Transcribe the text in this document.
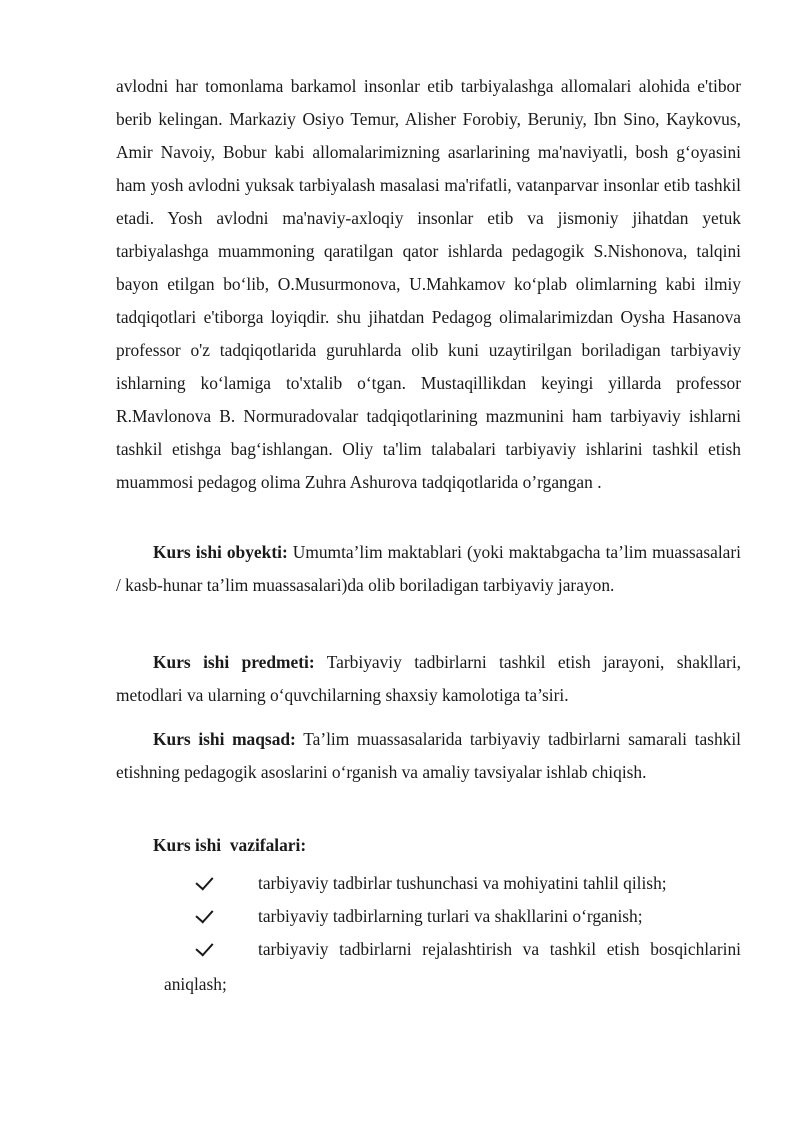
avlodni har tomonlama barkamol insonlar etib tarbiyalashga allomalari alohida e'tibor berib kelingan. Markaziy Osiyo Temur, Alisher Forobiy, Beruniy, Ibn Sino, Kaykovus, Amir Navoiy, Bobur kabi allomalarimizning asarlarining ma'naviyatli, bosh g‘oyasini ham yosh avlodni yuksak tarbiyalash masalasi ma'rifatli, vatanparvar insonlar etib tashkil etadi. Yosh avlodni ma'naviy-axloqiy insonlar etib va jismoniy jihatdan yetuk tarbiyalashga muammoning qaratilgan qator ishlarda pedagogik S.Nishonova, talqini bayon etilgan bo‘lib, O.Musurmonova, U.Mahkamov ko‘plab olimlarning kabi ilmiy tadqiqotlari e'tiborga loyiqdir. shu jihatdan Pedagog olimalarimizdan Oysha Hasanova professor o'z tadqiqotlarida guruhlarda olib kuni uzaytirilgan boriladigan tarbiyaviy ishlarning ko‘lamiga to'xtalib o‘tgan. Mustaqillikdan keyingi yillarda professor R.Mavlonova B. Normuradovalar tadqiqotlarining mazmunini ham tarbiyaviy ishlarni tashkil etishga bag‘ishlangan. Oliy ta'lim talabalari tarbiyaviy ishlarini tashkil etish muammosi pedagog olima Zuhra Ashurova tadqiqotlarida o’rgangan .

Kurs ishi obyekti: Umumta’lim maktablari (yoki maktabgacha ta’lim muassasalari / kasb-hunar ta’lim muassasalari)da olib boriladigan tarbiyaviy jarayon.

Kurs ishi predmeti: Tarbiyaviy tadbirlarni tashkil etish jarayoni, shakllari, metodlari va ularning o‘quvchilarning shaxsiy kamolotiga ta’siri.

Kurs ishi maqsad: Ta’lim muassasalarida tarbiyaviy tadbirlarni samarali tashkil etishning pedagogik asoslarini o‘rganish va amaliy tavsiyalar ishlab chiqish.

Kurs ishi  vazifalari:

tarbiyaviy tadbirlar tushunchasi va mohiyatini tahlil qilish;
tarbiyaviy tadbirlarning turlari va shakllarini o‘rganish;
tarbiyaviy tadbirlarni rejalashtirish va tashkil etish bosqichlarini
aniqlash;
